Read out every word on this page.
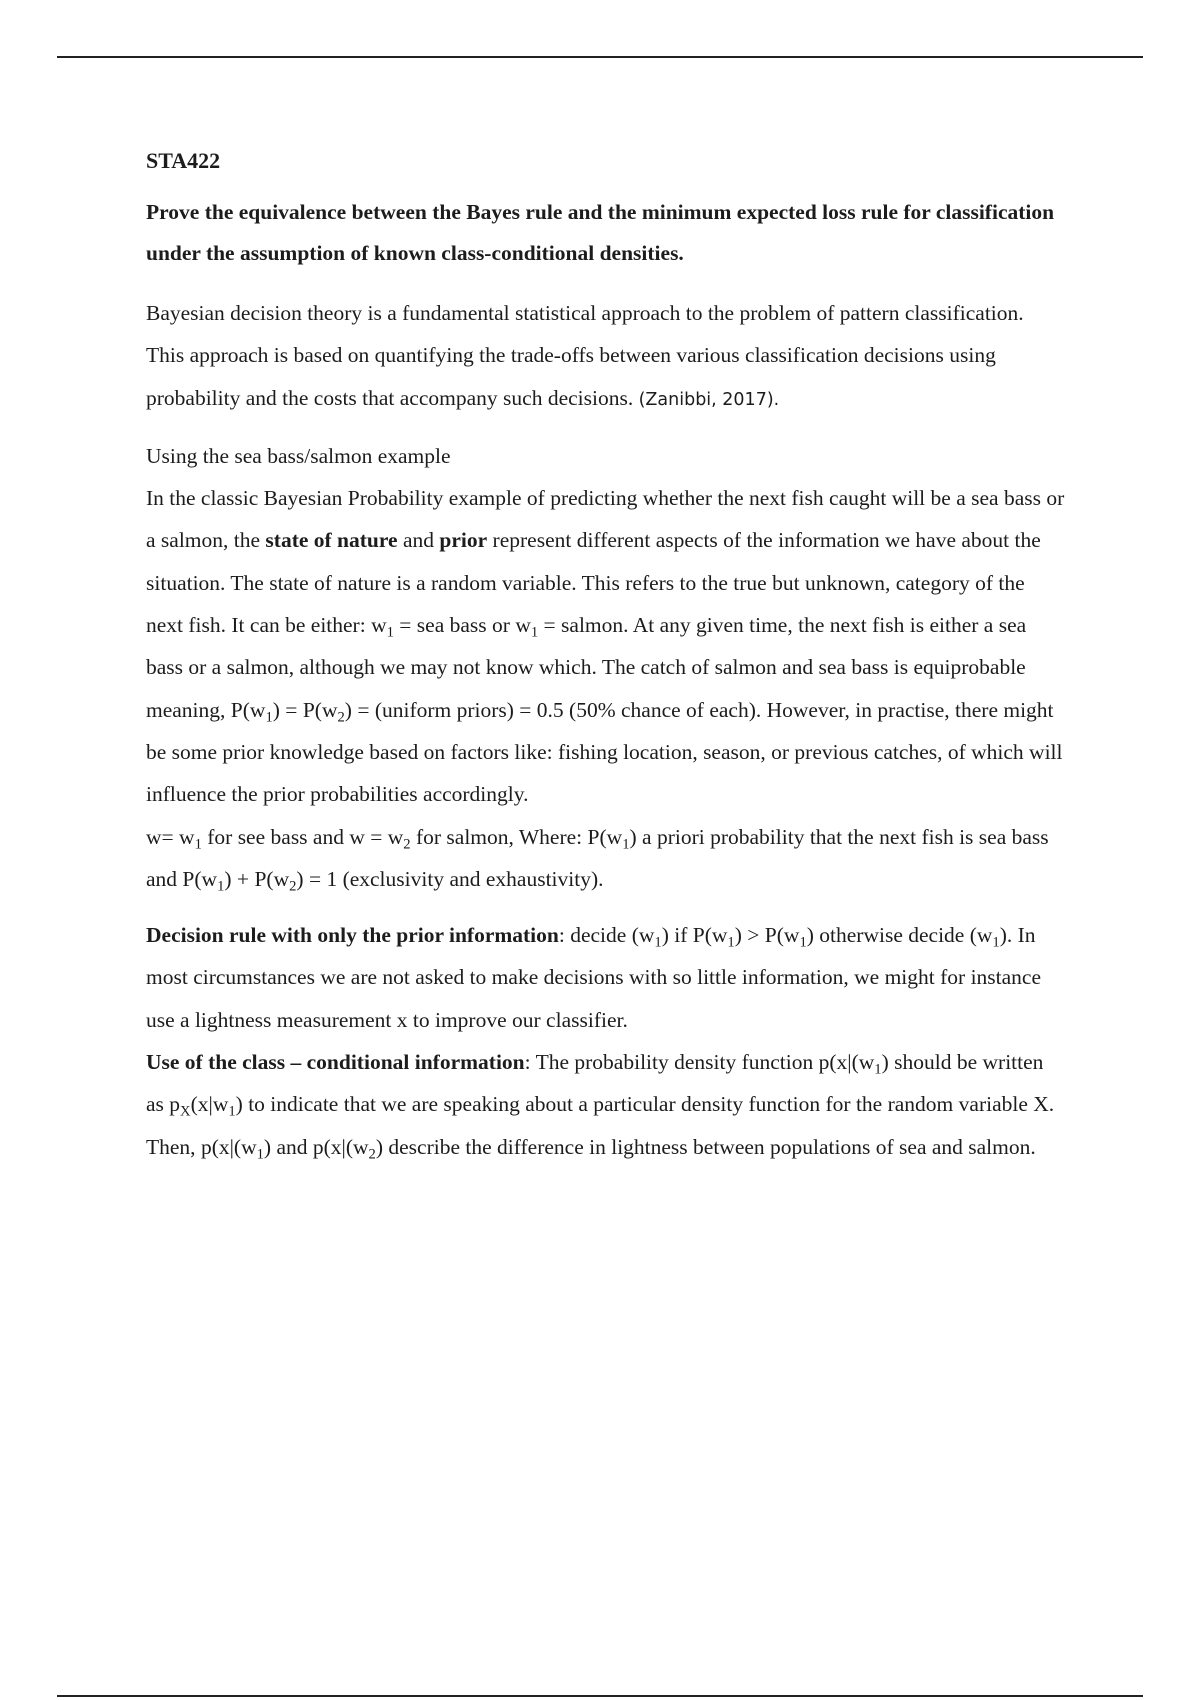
STA422
Prove the equivalence between the Bayes rule and the minimum expected loss rule for classification under the assumption of known class-conditional densities.

Bayesian decision theory is a fundamental statistical approach to the problem of pattern classification. This approach is based on quantifying the trade-offs between various classification decisions using probability and the costs that accompany such decisions. (Zanibbi, 2017).

Using the sea bass/salmon example

In the classic Bayesian Probability example of predicting whether the next fish caught will be a sea bass or a salmon, the state of nature and prior represent different aspects of the information we have about the situation. The state of nature is a random variable. This refers to the true but unknown, category of the next fish. It can be either: $w_1$ = sea bass or $w_1$ = salmon. At any given time, the next fish is either a sea bass or a salmon, although we may not know which. The catch of salmon and sea bass is equiprobable meaning, $P(w_1) = P(w_2)$ = (uniform priors) = 0.5 (50% chance of each). However, in practise, there might be some prior knowledge based on factors like: fishing location, season, or previous catches, of which will influence the prior probabilities accordingly.

$w= w_1$ for see bass and $w = w_2$ for salmon, Where: $P(w_1)$ a priori probability that the next fish is sea bass and $P(w_1) + P(w_2) = 1$ (exclusivity and exhaustivity).

Decision rule with only the prior information: decide $(w_1)$ if $P(w_1) > P(w_1)$ otherwise decide $(w_1)$. In most circumstances we are not asked to make decisions with so little information, we might for instance use a lightness measurement x to improve our classifier.

Use of the class – conditional information: The probability density function $p(x|(w_1)$ should be written as $p_X(x|w_1)$ to indicate that we are speaking about a particular density function for the random variable X. Then, $p(x|(w_1)$ and $p(x|(w_2)$ describe the difference in lightness between populations of sea and salmon.
